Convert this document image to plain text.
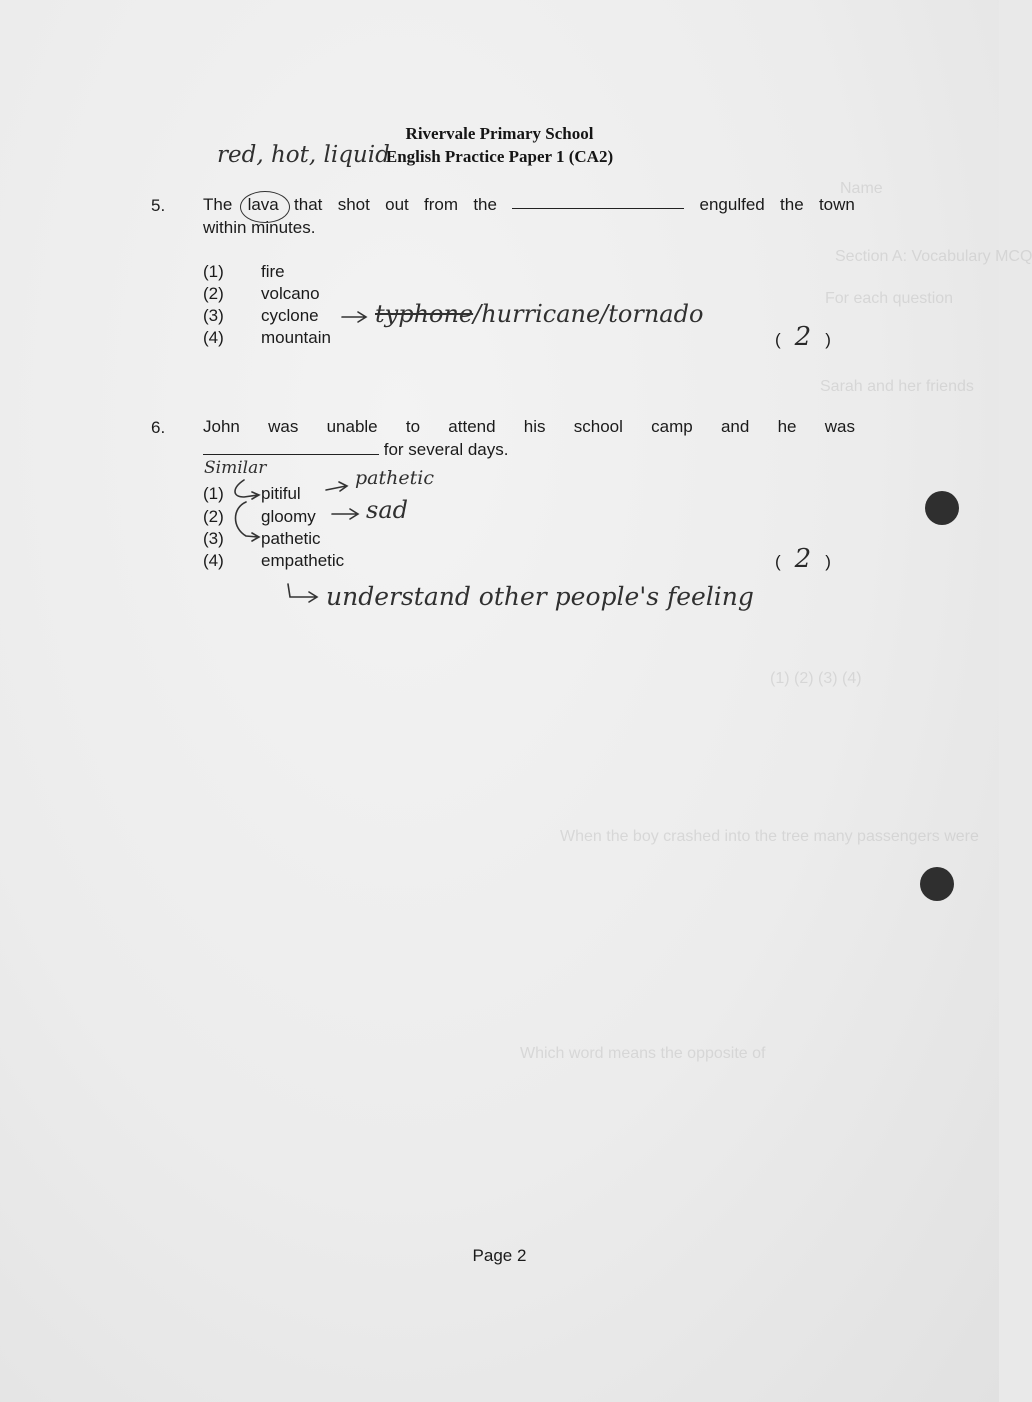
Name
Section A: Vocabulary MCQ
For each question
Sarah and her friends
(1) (2) (3) (4)
When the boy crashed into the tree many passengers were
Which word means the opposite of
Rivervale Primary School
English Practice Paper 1 (CA2)
red, hot, liquid
5. The lava that shot out from the	engulfed the town
within minutes.
(1)	fire
(2)	volcano
(3)	cyclone
(4)	mountain
typhone/hurricane/tornado
( 2 )
6. John was unable to attend his school camp and he was
for several days.
Similar
(1)	pitiful
(2)	gloomy
(3)	pathetic
(4)	empathetic
pathetic
sad
understand other people's feeling
( 2 )
Page 2
